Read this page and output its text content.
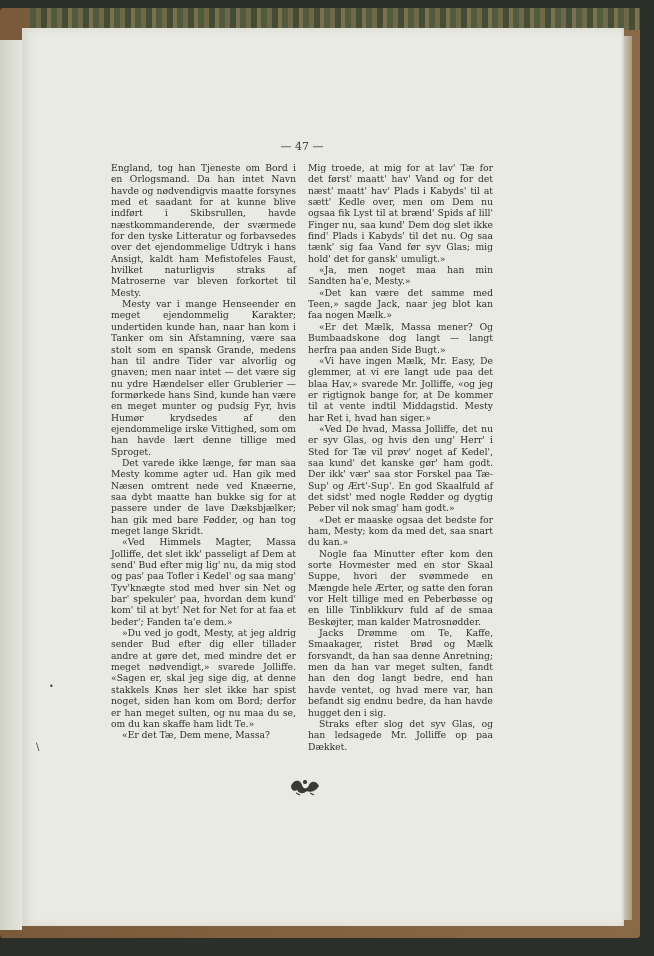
— 47 —

England, tog han Tjeneste om Bord i en Orlogsmand. Da han intet Navn havde og nødvendigvis maatte forsynes med et saadant for at kunne blive indført i Skibsrullen, havde næstkommanderende, der sværmede for den tyske Litteratur og forbavsedes over det ejendommelige Udtryk i hans Ansigt, kaldt ham Mefistofeles Faust, hvilket naturligvis straks af Matroserne var bleven forkortet til Mesty.

Mesty var i mange Henseender en meget ejendommelig Karakter; undertiden kunde han, naar han kom i Tanker om sin Afstamning, være saa stolt som en spansk Grande, medens han til andre Tider var alvorlig og gnaven; men naar intet — det være sig nu ydre Hændelser eller Grublerier — formørkede hans Sind, kunde han være en meget munter og pudsig Fyr, hvis Humør krydsedes af den ejendommelige irske Vittighed, som om han havde lært denne tillige med Sproget.

Det varede ikke længe, før man saa Mesty komme agter ud. Han gik med Næsen omtrent nede ved Knæerne, saa dybt maatte han bukke sig for at passere under de lave Dæksbjælker; han gik med bare Fødder, og han tog meget lange Skridt.

«Ved Himmels Magter, Massa Jolliffe, det slet ikk' passeligt af Dem at send' Bud efter mig lig' nu, da mig stod og pas' paa Tofler i Kedel' og saa mang' Tyv'knægte stod med hver sin Net og bar' spekuler' paa, hvordan dem kund' kom' til at byt' Net for Net for at faa et beder'; Fanden ta'e dem.»

»Du ved jo godt, Mesty, at jeg aldrig sender Bud efter dig eller tillader andre at gøre det, med mindre det er meget nødvendigt,» svarede Jolliffe. «Sagen er, skal jeg sige dig, at denne stakkels Knøs her slet ikke har spist noget, siden han kom om Bord; derfor er han meget sulten, og nu maa du se, om du kan skaffe ham lidt Te.»

«Er det Tæ, Dem mene, Massa?

Mig troede, at mig for at lav' Tæ for det først' maatt' hav' Vand og for det næst' maatt' hav' Plads i Kabyds' til at sætt' Kedle over, men om Dem nu ogsaa fik Lyst til at brænd' Spids af lill' Finger nu, saa kund' Dem dog slet ikke find' Plads i Kabyds' til det nu. Og saa tænk' sig faa Vand før syv Glas; mig hold' det for gansk' umuligt.»

«Ja, men noget maa han min Sandten ha'e, Mesty.»

«Det kan være det samme med Teen,» sagde Jack, naar jeg blot kan faa nogen Mælk.»

«Er det Mælk, Massa mener? Og Bumbaadskone dog langt — langt herfra paa anden Side Bugt.»

«Vi have ingen Mælk, Mr. Easy, De glemmer, at vi ere langt ude paa det blaa Hav,» svarede Mr. Jolliffe, «og jeg er rigtignok bange for, at De kommer til at vente indtil Middagstid. Mesty har Ret i, hvad han siger.»

«Ved De hvad, Massa Jolliffe, det nu er syv Glas, og hvis den ung' Herr' i Sted for Tæ vil prøv' noget af Kedel', saa kund' det kanske gør' ham godt. Der ikk' vær' saa stor Forskel paa Tæ-Sup' og Ært'-Sup'. En god Skaalfuld af det sidst' med nogle Rødder og dygtig Peber vil nok smag' ham godt.»

«Det er maaske ogsaa det bedste for ham, Mesty; kom da med det, saa snart du kan.»

Nogle faa Minutter efter kom den sorte Hovmester med en stor Skaal Suppe, hvori der svømmede en Mængde hele Ærter, og satte den foran vor Helt tillige med en Peberbøsse og en lille Tinblikkurv fuld af de smaa Beskøjter, man kalder Matrosnødder.

Jacks Drømme om Te, Kaffe, Smaakager, ristet Brød og Mælk forsvandt, da han saa denne Anretning; men da han var meget sulten, fandt han den dog langt bedre, end han havde ventet, og hvad mere var, han befandt sig endnu bedre, da han havde hugget den i sig.

Straks efter slog det syv Glas, og han ledsagede Mr. Jolliffe op paa Dækket.

•
\
